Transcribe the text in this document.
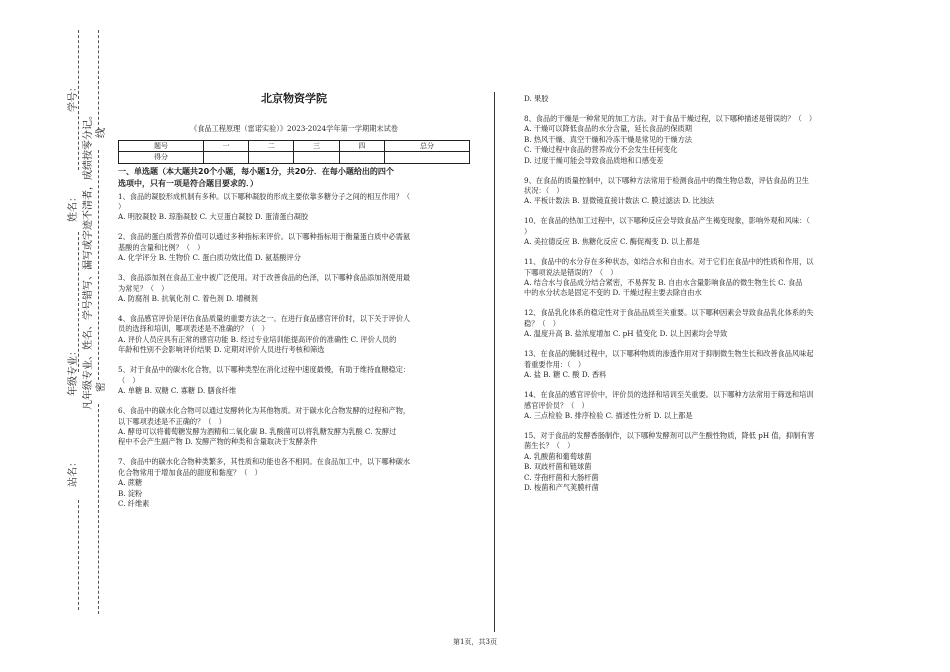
学号：
姓名：
年级专业：
站名：
凡年级专业、姓名、学号错写、漏写或字迹不清者，成绩按零分记。 密
线
北京物资学院
《食品工程原理（雷诺实验）》2023-2024学年第一学期期末试卷
题号	一	二	三	四	总分
得分					
一、单选题（本大题共20个小题，每小题1分，共20分．在每小题给出的四个
选项中，只有一项是符合题目要求的．）
1、食品的凝胶形成机制有多种。以下哪种凝胶的形成主要依靠多糖分子之间的相互作用？（
）
A. 明胶凝胶 B. 琼脂凝胶 C. 大豆蛋白凝胶 D. 蛋清蛋白凝胶
2、食品的蛋白质营养价值可以通过多种指标来评价。以下哪种指标用于衡量蛋白质中必需氨
基酸的含量和比例？（　）
A. 化学评分 B. 生物价 C. 蛋白质功效比值 D. 氨基酸评分
3、食品添加剂在食品工业中被广泛使用。对于改善食品的色泽，以下哪种食品添加剂使用最
为常见？（　）
A. 防腐剂 B. 抗氧化剂 C. 着色剂 D. 增稠剂
4、食品感官评价是评估食品质量的重要方法之一。在进行食品感官评价时，以下关于评价人
员的选择和培训，哪项表述是不准确的？（　）
A. 评价人员应具有正常的感官功能 B. 经过专业培训能提高评价的准确性 C. 评价人员的
年龄和性别不会影响评价结果 D. 定期对评价人员进行考核和筛选
5、对于食品中的碳水化合物，以下哪种类型在消化过程中速度最慢，有助于维持血糖稳定：
（　）
A. 单糖 B. 双糖 C. 寡糖 D. 膳食纤维
6、食品中的碳水化合物可以通过发酵转化为其他物质。对于碳水化合物发酵的过程和产物，
以下哪项表述是不正确的？（　）
A. 酵母可以将葡萄糖发酵为酒精和二氧化碳 B. 乳酸菌可以将乳糖发酵为乳酸 C. 发酵过
程中不会产生副产物 D. 发酵产物的种类和含量取决于发酵条件
7、食品中的碳水化合物种类繁多，其性质和功能也各不相同。在食品加工中，以下哪种碳水
化合物常用于增加食品的甜度和黏度？（　）
A. 蔗糖
B. 淀粉
C. 纤维素
D. 果胶
8、食品的干燥是一种常见的加工方法。对于食品干燥过程，以下哪种描述是错误的？（　）
A. 干燥可以降低食品的水分含量，延长食品的保质期
B. 热风干燥、真空干燥和冷冻干燥是常见的干燥方法
C. 干燥过程中食品的营养成分不会发生任何变化
D. 过度干燥可能会导致食品质地和口感变差
9、在食品的质量控制中，以下哪种方法常用于检测食品中的微生物总数，评估食品的卫生
状况：（　）
A. 平板计数法 B. 显微镜直接计数法 C. 膜过滤法 D. 比浊法
10、在食品的热加工过程中，以下哪种反应会导致食品产生褐变现象，影响外观和风味：（
）
A. 美拉德反应 B. 焦糖化反应 C. 酶促褐变 D. 以上都是
11、食品中的水分存在多种状态，如结合水和自由水。对于它们在食品中的性质和作用，以
下哪项说法是错误的？（　）
A. 结合水与食品成分结合紧密，不易挥发 B. 自由水含量影响食品的微生物生长 C. 食品
中的水分状态是固定不变的 D. 干燥过程主要去除自由水
12、食品乳化体系的稳定性对于食品品质至关重要。以下哪种因素会导致食品乳化体系的失
稳？（　）
A. 温度升高 B. 盐浓度增加 C. pH 值变化 D. 以上因素均会导致
13、在食品的腌制过程中，以下哪种物质的渗透作用对于抑制微生物生长和改善食品风味起
着重要作用：（　）
A. 盐 B. 糖 C. 酸 D. 香料
14、在食品的感官评价中，评价员的选择和培训至关重要。以下哪种方法常用于筛选和培训
感官评价员？（　）
A. 三点检验 B. 排序检验 C. 描述性分析 D. 以上都是
15、对于食品的发酵香肠制作，以下哪种发酵剂可以产生酸性物质，降低 pH 值，抑制有害
菌生长？（　）
A. 乳酸菌和葡萄球菌
B. 双歧杆菌和链球菌
C. 芽孢杆菌和大肠杆菌
D. 梭菌和产气荚膜杆菌
第1页，共3页
